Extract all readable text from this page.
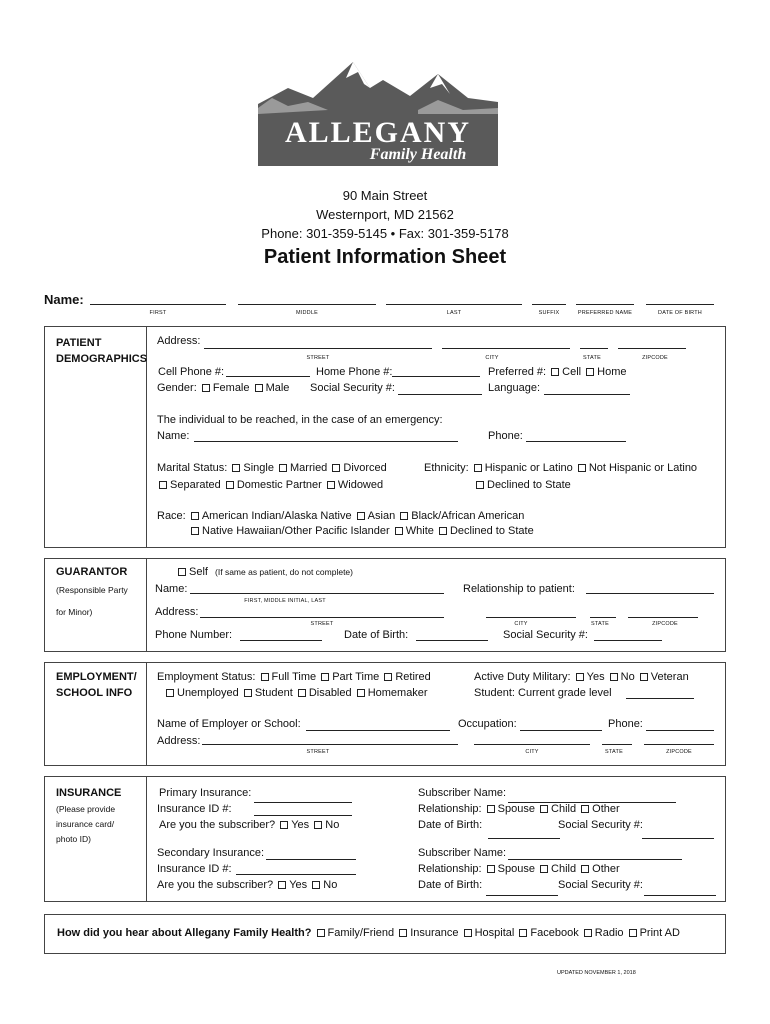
ALLEGANY
Family Health
90 Main Street
Westernport, MD 21562
Phone: 301-359-5145 • Fax: 301-359-5178
Patient Information Sheet
Name:
FIRST	MIDDLE	LAST	SUFFIX	PREFERRED NAME	DATE OF BIRTH
PATIENT DEMOGRAPHICS
Address:
STREET	CITY	STATE	ZIPCODE
Cell Phone #:	Home Phone #:	Preferred #: Cell Home
Gender: Female Male Social Security #:	Language:
The individual to be reached, in the case of an emergency:
Name:	Phone:
Marital Status: Single Married Divorced
Separated Domestic Partner Widowed
Ethnicity: Hispanic or Latino Not Hispanic or Latino
Declined to State
Race: American Indian/Alaska Native Asian Black/African American
Native Hawaiian/Other Pacific Islander White Declined to State
GUARANTOR
(Responsible Party
for Minor)
Self (If same as patient, do not complete)
Name:
FIRST, MIDDLE INITIAL, LAST
Relationship to patient:
Address:
STREET	CITY	STATE	ZIPCODE
Phone Number:	Date of Birth:	Social Security #:
EMPLOYMENT/
SCHOOL INFO
Employment Status: Full Time Part Time Retired
Unemployed Student Disabled Homemaker
Active Duty Military: Yes No Veteran
Student: Current grade level
Name of Employer or School:	Occupation:	Phone:
Address:
STREET	CITY	STATE	ZIPCODE
INSURANCE
(Please provide
insurance card/
photo ID)
Primary Insurance:
Insurance ID #:
Are you the subscriber? Yes No
Subscriber Name:
Relationship: Spouse Child Other
Date of Birth:	Social Security #:
Secondary Insurance:
Insurance ID #:
Are you the subscriber? Yes No
Subscriber Name:
Relationship: Spouse Child Other
Date of Birth:	Social Security #:
How did you hear about Allegany Family Health? Family/Friend Insurance Hospital Facebook Radio Print AD
UPDATED NOVEMBER 1, 2018
